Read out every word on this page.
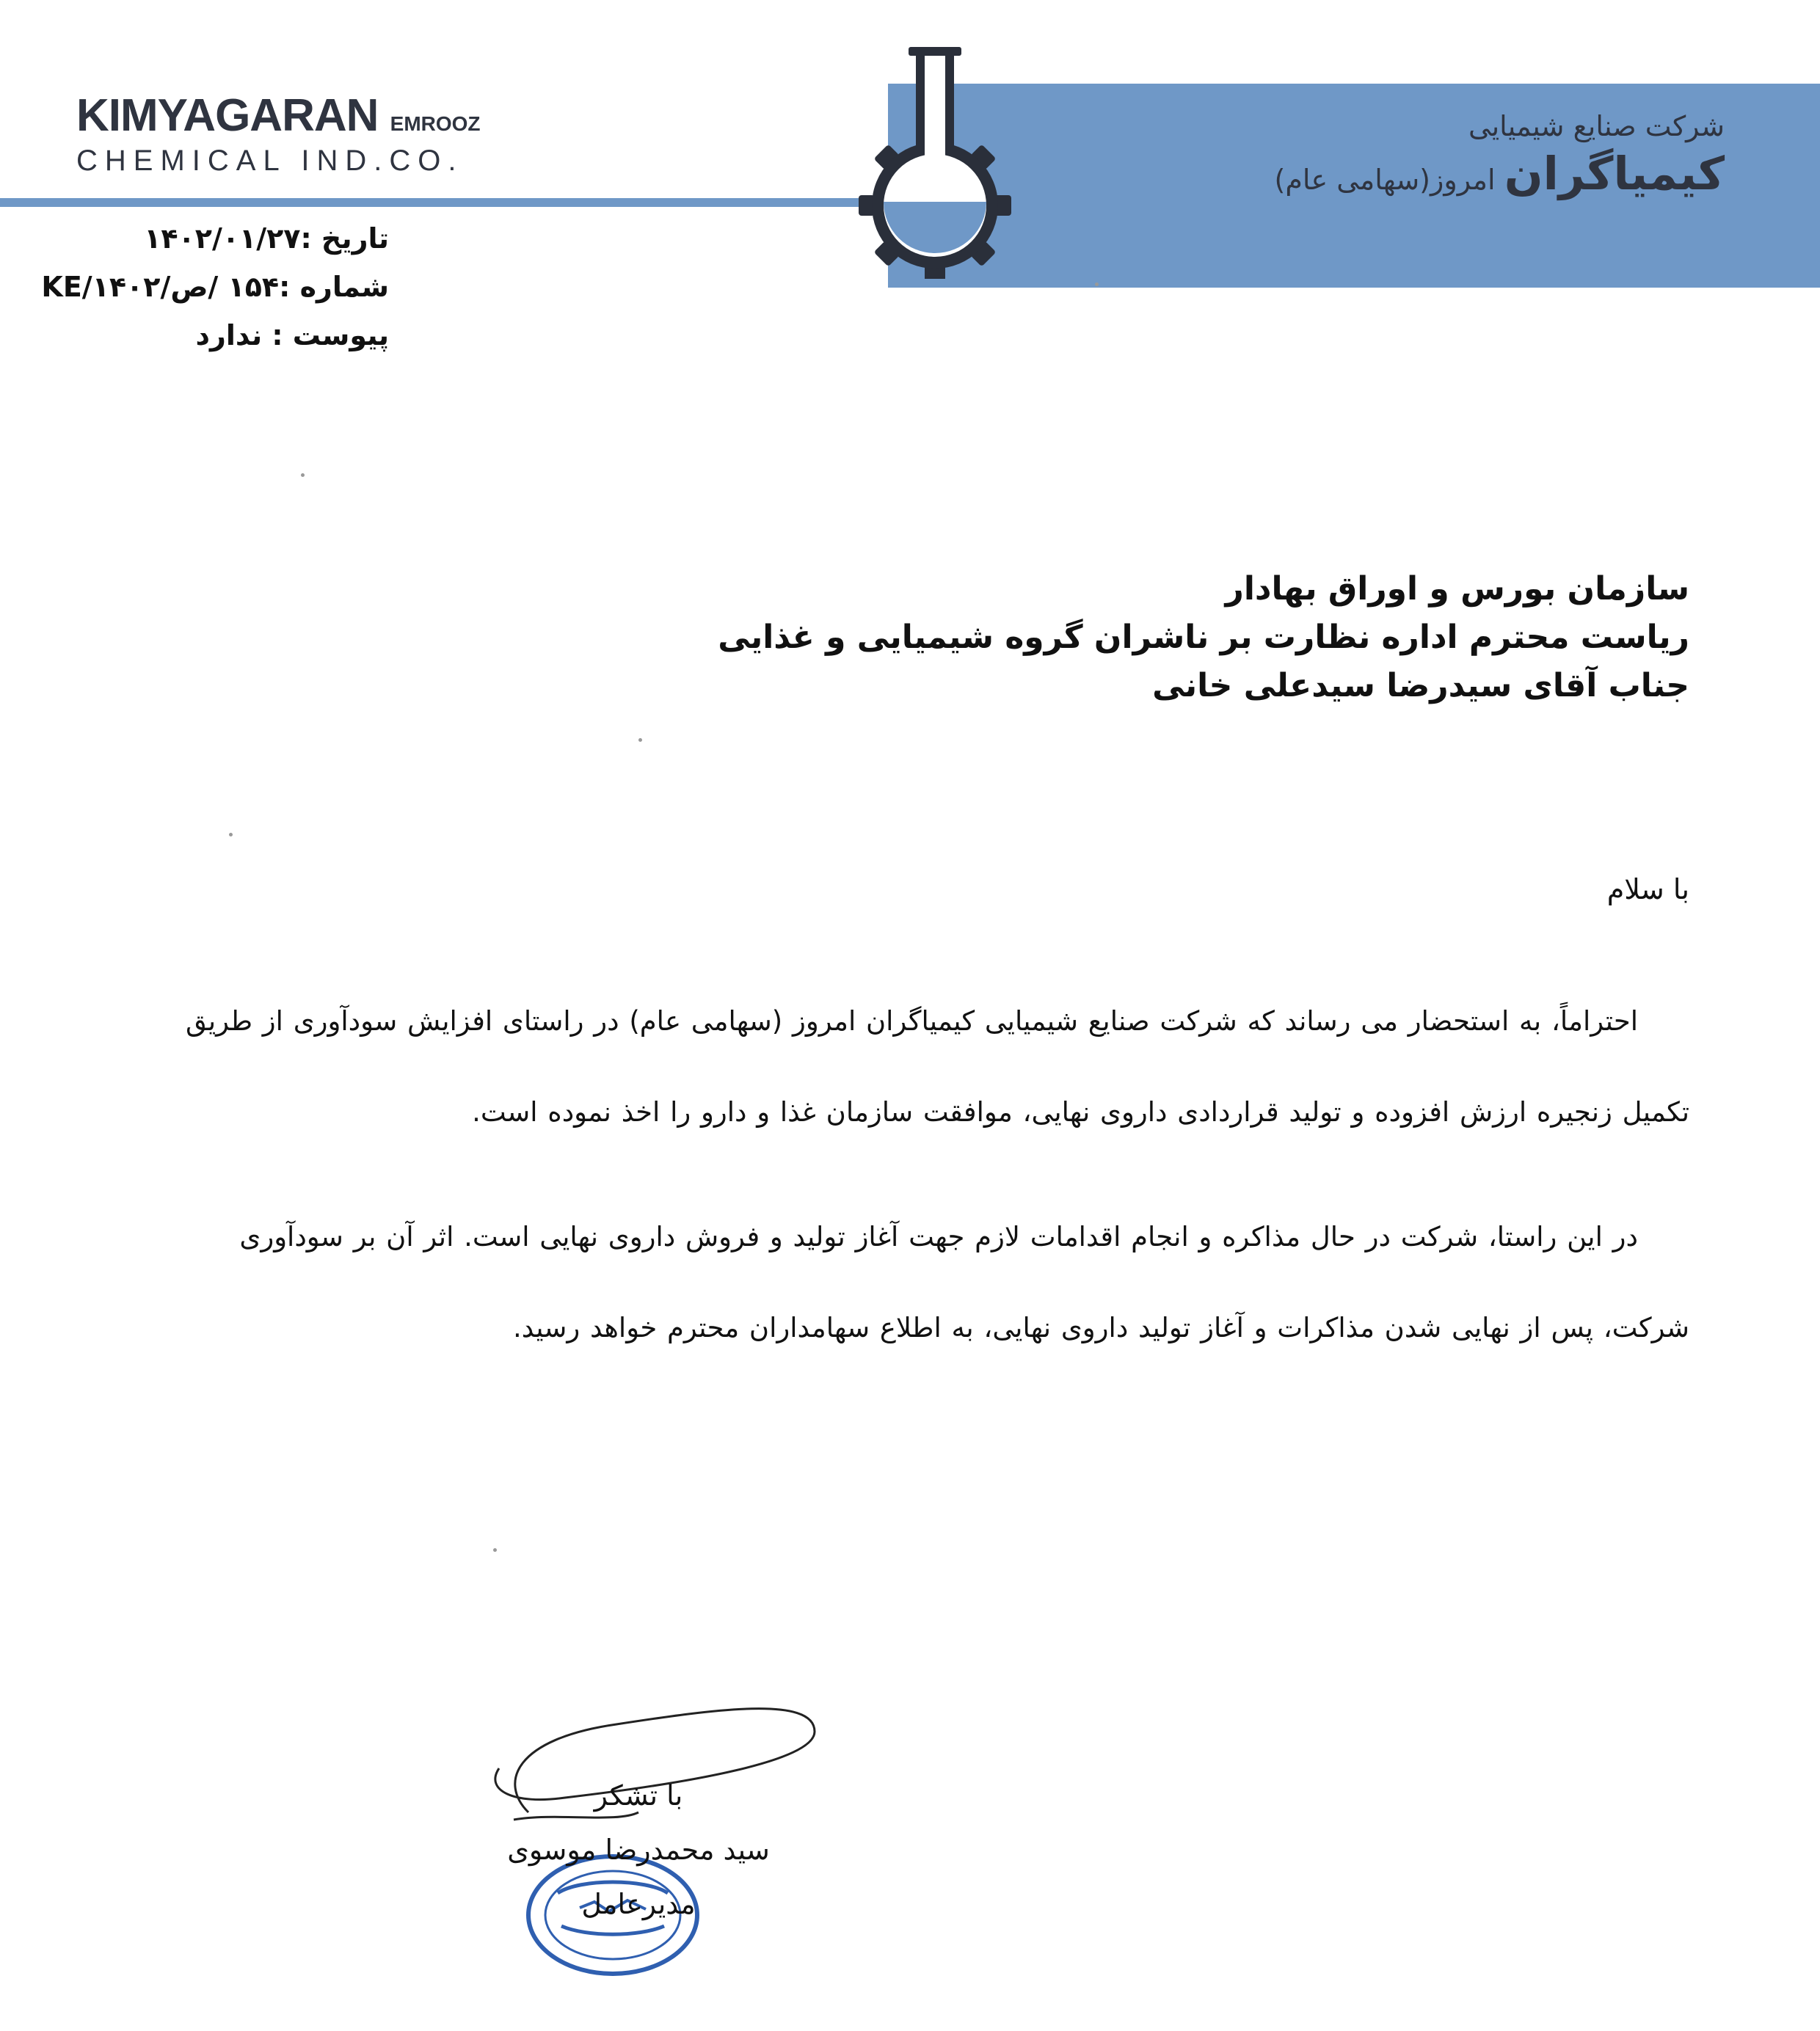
KIMYAGARAN EMROOZ
CHEMICAL IND.CO.
شرکت صنایع شیمیایی
کیمیاگران امروز(سهامی عام)
تاریخ :۱۴۰۲/۰۱/۲۷
شماره :۱۵۴ /ص/KE/۱۴۰۲
پیوست : ندارد
سازمان بورس و اوراق بهادار
ریاست محترم اداره نظارت بر ناشران گروه شیمیایی و غذایی
جناب آقای سیدرضا سیدعلی خانی
با سلام
احتراماً، به استحضار می رساند که شرکت صنایع شیمیایی کیمیاگران امروز (سهامی عام) در راستای افزایش سودآوری از طریق
تکمیل زنجیره ارزش افزوده و تولید قراردادی داروی نهایی، موافقت سازمان غذا و دارو را اخذ نموده است.
در این راستا، شرکت در حال مذاکره و انجام اقدامات لازم جهت آغاز تولید و فروش داروی نهایی است. اثر آن بر سودآوری
شرکت، پس از نهایی شدن مذاکرات و آغاز تولید داروی نهایی، به اطلاع سهامداران محترم خواهد رسید.
با تشکر
سید محمدرضا موسوی
مدیرعامل
